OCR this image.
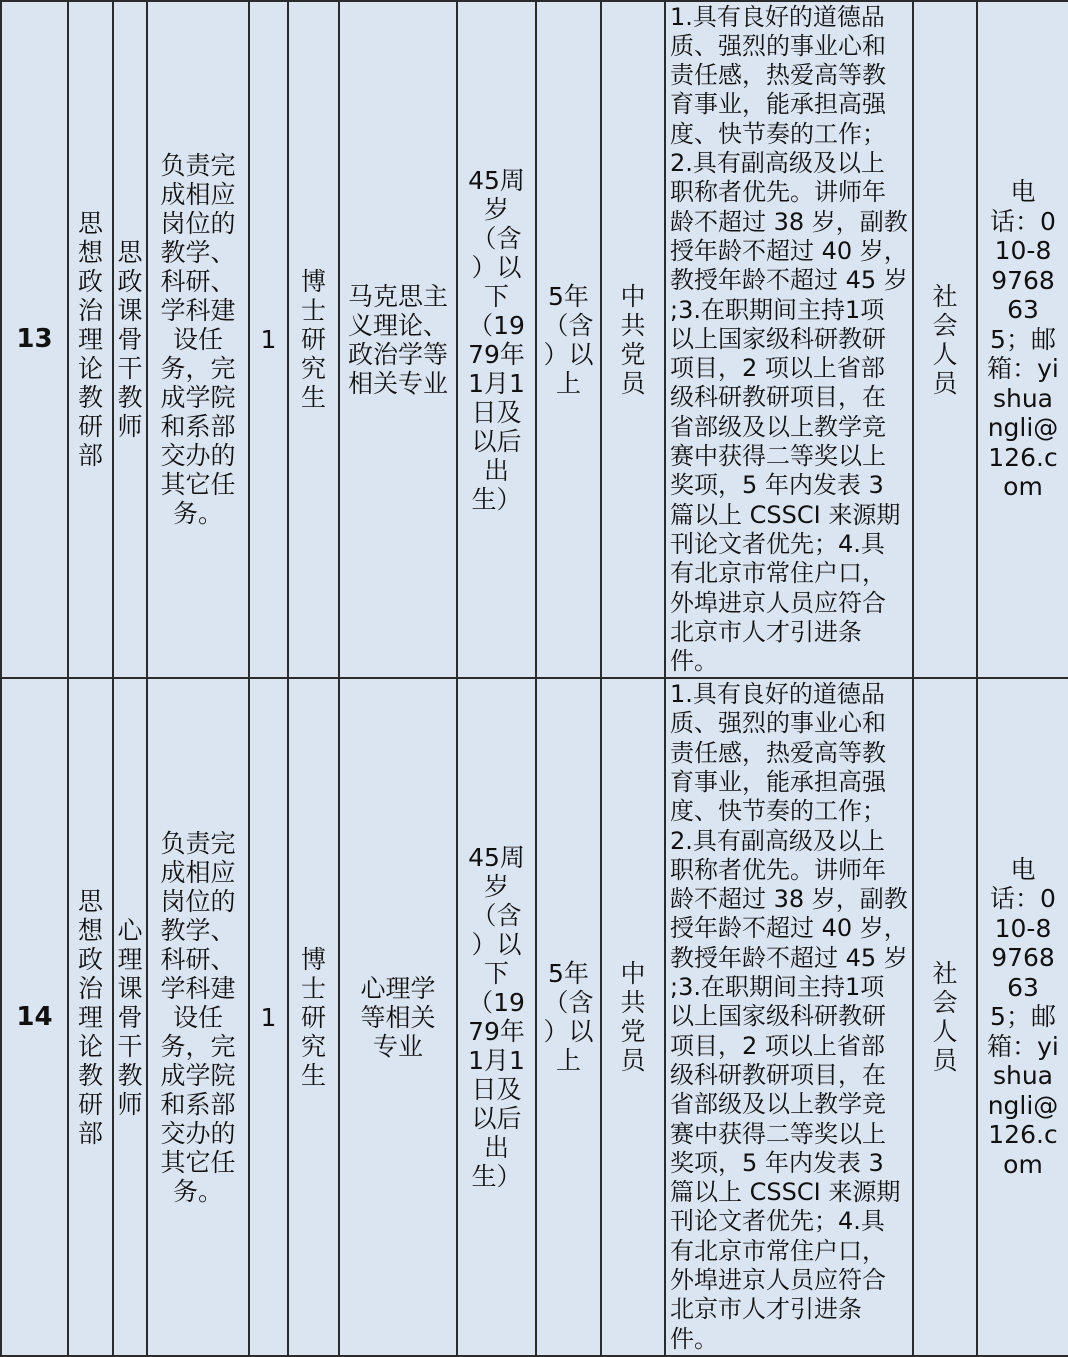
13	思想政治理论教研部	思政课骨干教师	负责完成相应岗位的教学、科研、学科建设任务，完成学院和系部交办的其它任务。	1	博士研究生	马克思主义理论、政治学等相关专业	45周岁（含）以下（1979年1月1日及以后出生）	5年（含）以上	中共党员	1.具有良好的道德品质、强烈的事业心和责任感，热爱高等教育事业，能承担高强度、快节奏的工作；2.具有副高级及以上职称者优先。讲师年龄不超过 38 岁，副教授年龄不超过 40 岁，教授年龄不超过 45 岁 ;3.在职期间主持1项以上国家级科研教研项目，2 项以上省部级科研教研项目，在省部级及以上教学竞赛中获得二等奖以上奖项，5 年内发表 3 篇以上 CSSCI 来源期刊论文者优先；4.具有北京市常住户口，外埠进京人员应符合北京市人才引进条件。	社会人员	电话：010-89768635；邮箱：yishuangli@126.com

14	思想政治理论教研部	心理课骨干教师	负责完成相应岗位的教学、科研、学科建设任务，完成学院和系部交办的其它任务。	1	博士研究生	心理学等相关专业	45周岁（含）以下（1979年1月1日及以后出生）	5年（含）以上	中共党员	1.具有良好的道德品质、强烈的事业心和责任感，热爱高等教育事业，能承担高强度、快节奏的工作；2.具有副高级及以上职称者优先。讲师年龄不超过 38 岁，副教授年龄不超过 40 岁，教授年龄不超过 45 岁 ;3.在职期间主持1项以上国家级科研教研项目，2 项以上省部级科研教研项目，在省部级及以上教学竞赛中获得二等奖以上奖项，5 年内发表 3 篇以上 CSSCI 来源期刊论文者优先；4.具有北京市常住户口，外埠进京人员应符合北京市人才引进条件。	社会人员	电话：010-89768635；邮箱：yishuangli@126.com
